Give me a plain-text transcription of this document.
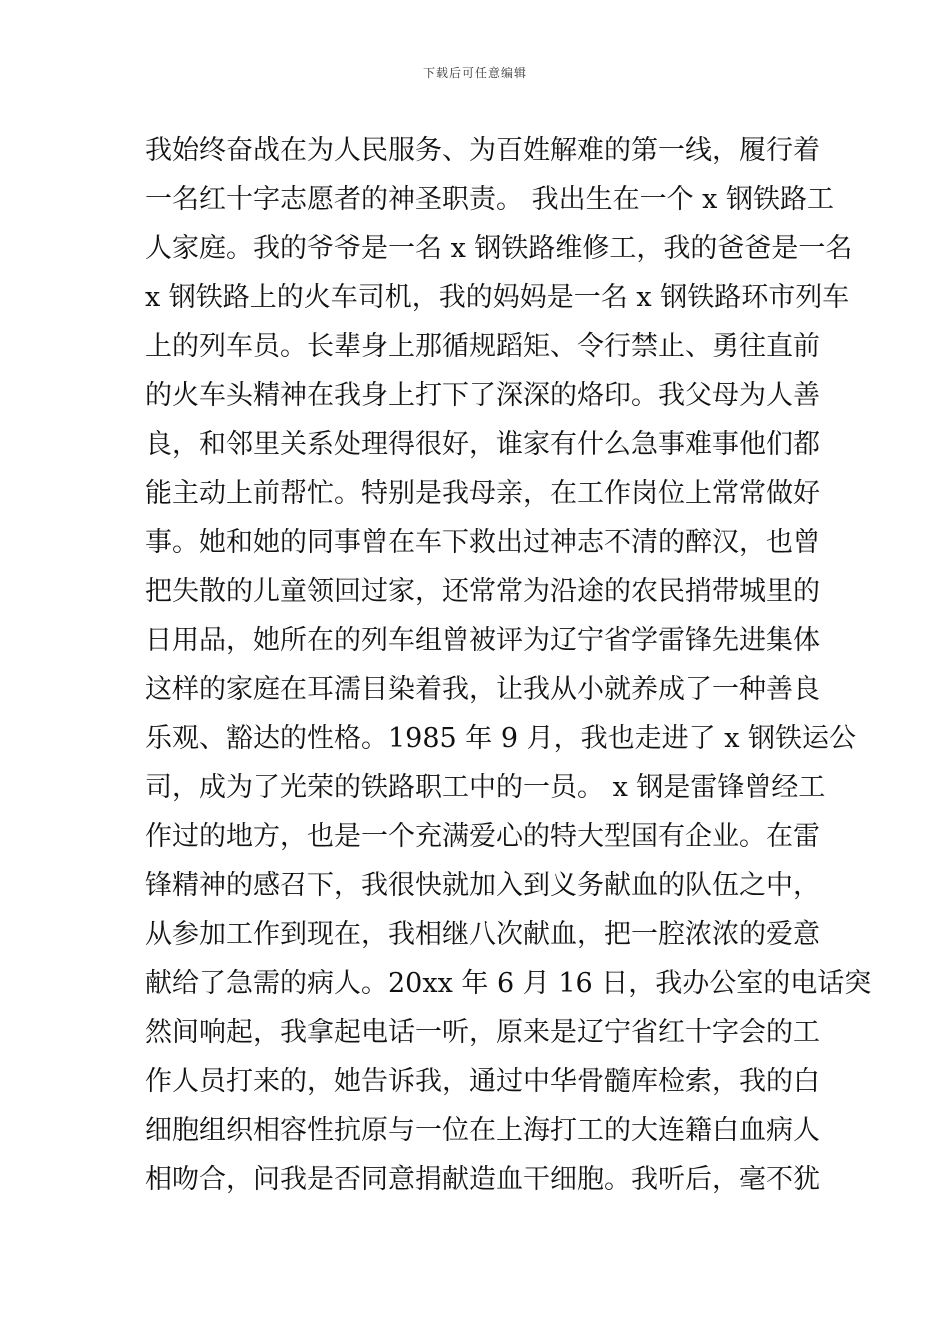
下载后可任意编辑
我始终奋战在为人民服务、为百姓解难的第一线，履行着
一名红十字志愿者的神圣职责。 我出生在一个 x 钢铁路工
人家庭。我的爷爷是一名 x 钢铁路维修工，我的爸爸是一名
x 钢铁路上的火车司机，我的妈妈是一名 x 钢铁路环市列车
上的列车员。长辈身上那循规蹈矩、令行禁止、勇往直前
的火车头精神在我身上打下了深深的烙印。我父母为人善
良，和邻里关系处理得很好，谁家有什么急事难事他们都
能主动上前帮忙。特别是我母亲，在工作岗位上常常做好
事。她和她的同事曾在车下救出过神志不清的醉汉，也曾
把失散的儿童领回过家，还常常为沿途的农民捎带城里的
日用品，她所在的列车组曾被评为辽宁省学雷锋先进集体
这样的家庭在耳濡目染着我，让我从小就养成了一种善良
乐观、豁达的性格。1985 年 9 月，我也走进了 x 钢铁运公
司，成为了光荣的铁路职工中的一员。 x 钢是雷锋曾经工
作过的地方，也是一个充满爱心的特大型国有企业。在雷
锋精神的感召下，我很快就加入到义务献血的队伍之中，
从参加工作到现在，我相继八次献血，把一腔浓浓的爱意
献给了急需的病人。20xx 年 6 月 16 日，我办公室的电话突
然间响起，我拿起电话一听，原来是辽宁省红十字会的工
作人员打来的，她告诉我，通过中华骨髓库检索，我的白
细胞组织相容性抗原与一位在上海打工的大连籍白血病人
相吻合，问我是否同意捐献造血干细胞。我听后，毫不犹
